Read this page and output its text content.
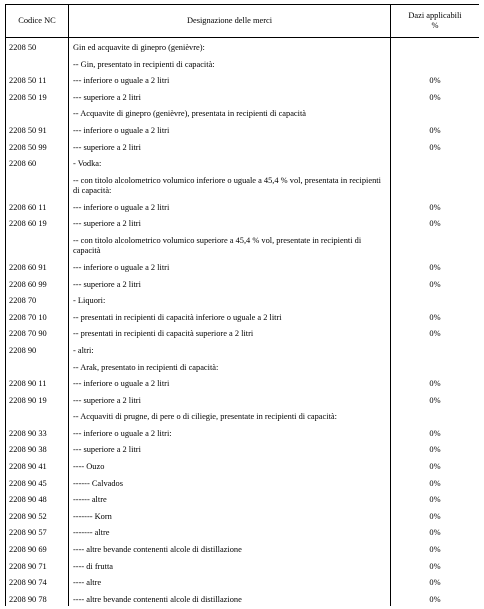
Codice NC	Designazione delle merci	Dazi applicabili
%
2208 50	Gin ed acquavite di ginepro (genièvre):	
	-- Gin, presentato in recipienti di capacità:	
2208 50 11	--- inferiore o uguale a 2 litri	0%
2208 50 19	--- superiore a 2 litri	0%
	-- Acquavite di ginepro (genièvre), presentata in recipienti di capacità	
2208 50 91	--- inferiore o uguale a 2 litri	0%
2208 50 99	--- superiore a 2 litri	0%
2208 60	- Vodka:	
	-- con titolo alcolometrico volumico inferiore o uguale a 45,4 % vol, presentata in recipienti di capacità:	
2208 60 11	--- inferiore o uguale a 2 litri	0%
2208 60 19	--- superiore a 2 litri	0%
	-- con titolo alcolometrico volumico superiore a 45,4 % vol, presentate in recipienti di capacità	
2208 60 91	--- inferiore o uguale a 2 litri	0%
2208 60 99	--- superiore a 2 litri	0%
2208 70	- Liquori:	
2208 70 10	-- presentati in recipienti di capacità inferiore o uguale a 2 litri	0%
2208 70 90	-- presentati in recipienti di capacità superiore a 2 litri	0%
2208 90	- altri:	
	-- Arak, presentato in recipienti di capacità:	
2208 90 11	--- inferiore o uguale a 2 litri	0%
2208 90 19	--- superiore a 2 litri	0%
	-- Acquaviti di prugne, di pere o di ciliegie, presentate in recipienti di capacità:	
2208 90 33	--- inferiore o uguale a 2 litri:	0%
2208 90 38	--- superiore a 2 litri	0%
2208 90 41	---- Ouzo	0%
2208 90 45	------ Calvados	0%
2208 90 48	------ altre	0%
2208 90 52	------- Korn	0%
2208 90 57	------- altre	0%
2208 90 69	---- altre bevande contenenti alcole di distillazione	0%
2208 90 71	---- di frutta	0%
2208 90 74	---- altre	0%
2208 90 78	---- altre bevande contenenti alcole di distillazione	0%
